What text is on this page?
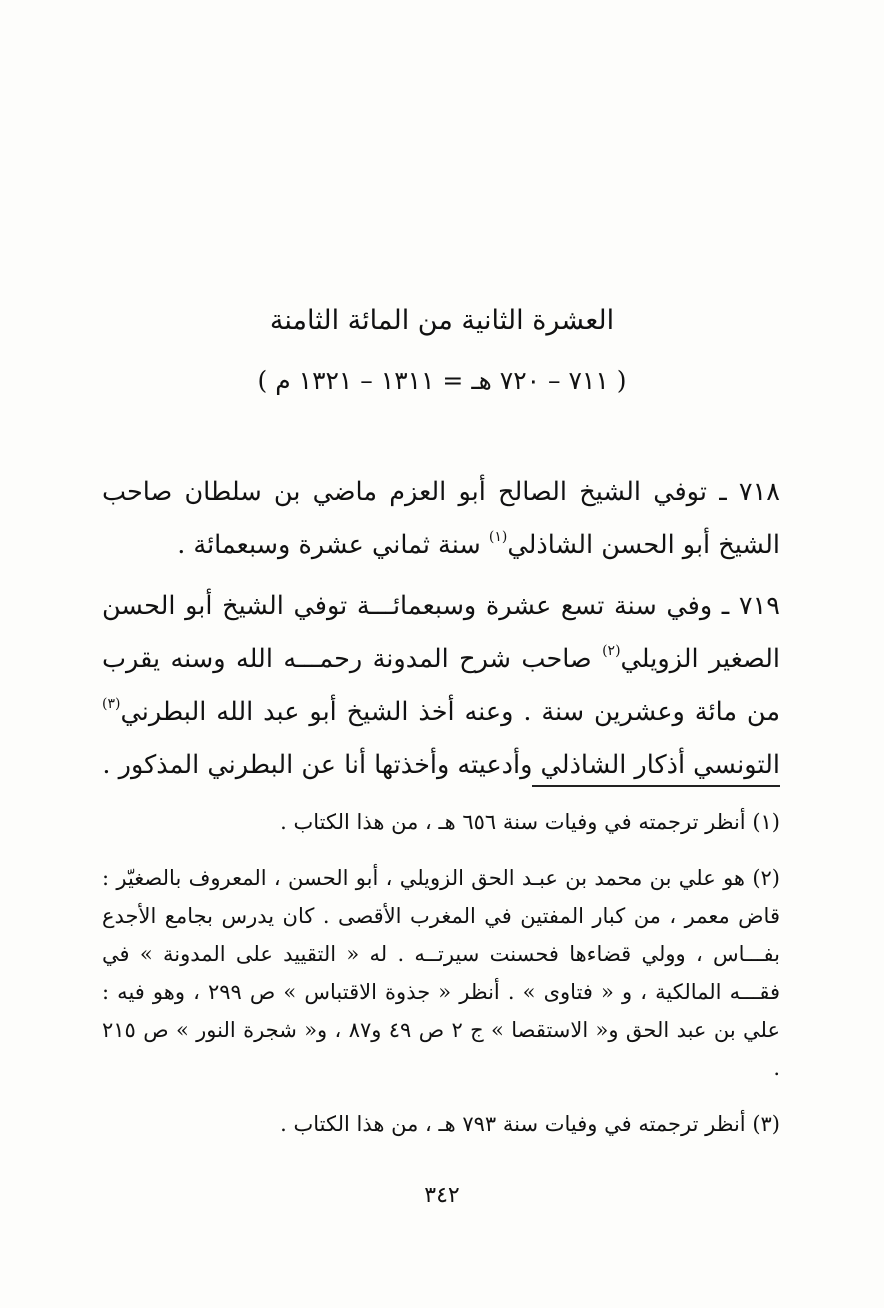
العشرة الثانية من المائة الثامنة
( ٧١١ – ٧٢٠ هـ = ١٣١١ – ١٣٢١ م )

٧١٨ ـ توفي الشيخ الصالح أبو العزم ماضي بن سلطان صاحب الشيخ أبو الحسن الشاذلي$^{(١)}$ سنة ثماني عشرة وسبعمائة .

٧١٩ ـ وفي سنة تسع عشرة وسبعمائـــة توفي الشيخ أبو الحسن الصغير الزويلي$^{(٢)}$ صاحب شرح المدونة رحمـــه الله وسنه يقرب من مائة وعشرين سنة . وعنه أخذ الشيخ أبو عبد الله البطرني$^{(٣)}$ التونسي أذكار الشاذلي وأدعيته وأخذتها أنا عن البطرني المذكور .

(١) أنظر ترجمته في وفيات سنة ٦٥٦ هـ ، من هذا الكتاب .

(٢) هو علي بن محمد بن عبـد الحق الزويلي ، أبو الحسن ، المعروف بالصغيّر : قاض معمر ، من كبار المفتين في المغرب الأقصى . كان يدرس بجامع الأجدع بفـــاس ، وولي قضاءها فحسنت سيرتــه . له « التقييد على المدونة » في فقـــه المالكية ، و « فتاوى » . أنظر « جذوة الاقتباس » ص ٢٩٩ ، وهو فيه : علي بن عبد الحق و« الاستقصا » ج ٢ ص ٤٩ و٨٧ ، و« شجرة النور » ص ٢١٥ .

(٣) أنظر ترجمته في وفيات سنة ٧٩٣ هـ ، من هذا الكتاب .

٣٤٢
